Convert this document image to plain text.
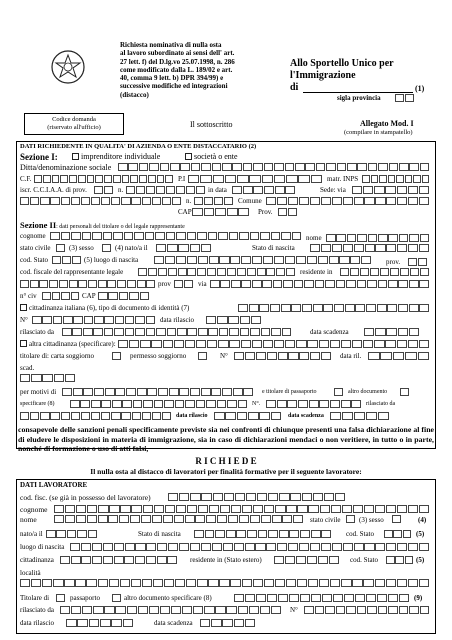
Richiesta nominativa di nulla osta
al lavoro subordinato ai sensi dell' art.
27 lett. f) del D.lg.vo 25.07.1998, n. 286
come modificato dalla L. 189/02 e art.
40, comma 9 lett. b) DPR 394/99) e
successive modifiche ed integrazioni
(distacco)
Allo Sportello Unico per
l'Immigrazione
di	(1)
sigla provincia
Codice domanda
(riservato all'ufficio)	Il sottoscritto	Allegato Mod. I
(compilare in stampatello)
DATI RICHIEDENTE IN QUALITA' DI AZIENDA O ENTE DISTACCATARIO (2)
Sezione I:	imprenditore individuale	società o ente
Ditta/denominazione sociale
C.F.	P.I	matr. INPS
iscr. C.C.I.A.A. di prov.	n.	in data	Sede: via
n.	Comune
CAP	Prov.
Sezione II: dati personali del titolare o del legale rappresentante
cognome	nome
stato civile	(3) sesso	(4) nato/a il	Stato di nascita
cod. Stato	(5) luogo di nascita	prov.
cod. fiscale del rappresentante legale	residente in
prov	via
n° civ	CAP
cittadinanza italiana (6), tipo di documento di identità (7)
N°	data rilascio
rilasciato da	data scadenza
altra cittadinanza (specificare):
titolare di: carta soggiorno	permesso soggiorno	N°	data ril.
scad.
per motivi di	e titolare di passaporto	altro documento
specificare (8)	N°.	rilasciato da
data rilascio	data scadenza
consapevole delle sanzioni penali specificamente previste sia nei confronti di chiunque presenti una falsa dichiarazione al fine di eludere le disposizioni in materia di immigrazione, sia in caso di dichiarazioni mendaci o non veritiere, in tutto o in parte, nonché di formazione o uso di atti falsi,
R I C H I E D E
Il nulla osta al distacco di lavoratori per finalità formative per il seguente lavoratore:
DATI LAVORATORE
cod. fisc. (se già in possesso del lavoratore)
cognome
nome	stato civile	(3) sesso	(4)
nato/a il	Stato di nascita	cod. Stato	(5)
luogo di nascita
cittadinanza	residente in (Stato estero)	cod. Stato	(5)
località
Titolare di	passaporto	altro documento specificare (8)	(9)
rilasciato da	N°
data rilascio	data scadenza
